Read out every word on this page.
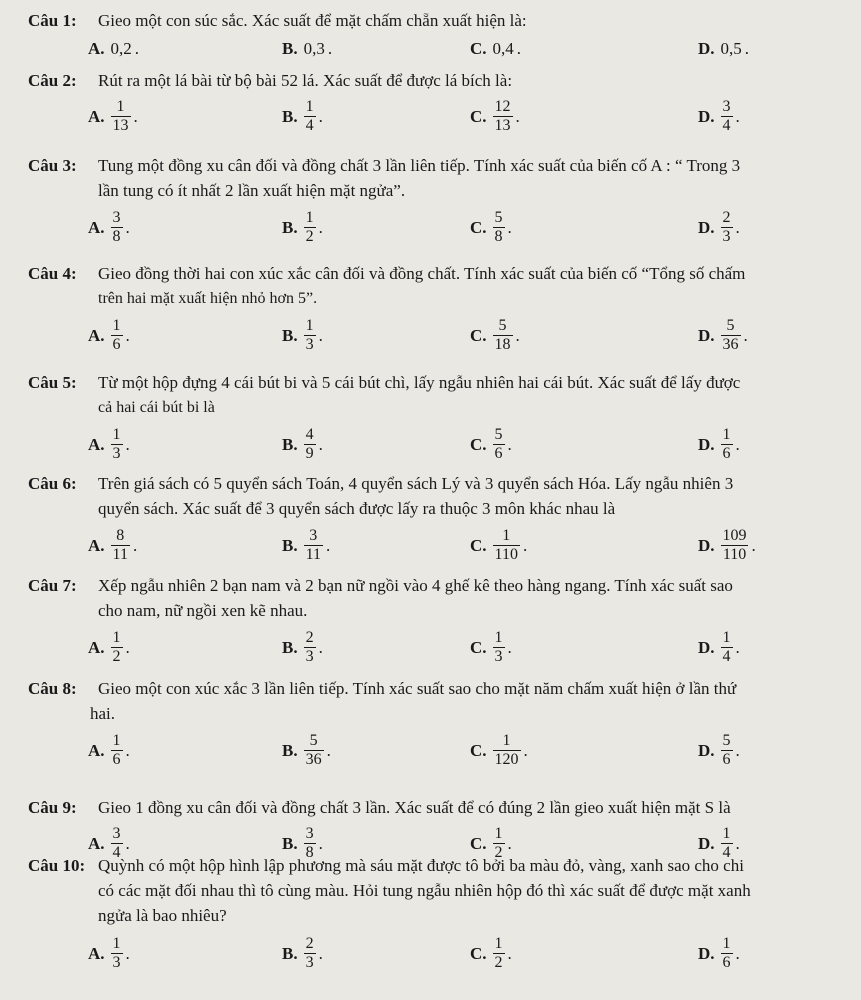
Câu 1: Gieo một con súc sắc. Xác suất để mặt chấm chẵn xuất hiện là:
A. 0,2 .	B. 0,3 .	C. 0,4 .	D. 0,5 .
Câu 2: Rút ra một lá bài từ bộ bài 52 lá. Xác suất để được lá bích là:
A. $\frac{1}{13}$ .	B. $\frac{1}{4}$ .	C. $\frac{12}{13}$ .	D. $\frac{3}{4}$ .
Câu 3: Tung một đồng xu cân đối và đồng chất 3 lần liên tiếp. Tính xác suất của biến cố A : “ Trong 3
lần tung có ít nhất 2 lần xuất hiện mặt ngửa”.
A. $\frac{3}{8}$ .	B. $\frac{1}{2}$ .	C. $\frac{5}{8}$ .	D. $\frac{2}{3}$ .
Câu 4: Gieo đồng thời hai con xúc xắc cân đối và đồng chất. Tính xác suất của biến cố “Tổng số chấm
trên hai mặt xuất hiện nhỏ hơn 5”.
A. $\frac{1}{6}$ .	B. $\frac{1}{3}$ .	C. $\frac{5}{18}$ .	D. $\frac{5}{36}$ .
Câu 5: Từ một hộp đựng 4 cái bút bi và 5 cái bút chì, lấy ngẫu nhiên hai cái bút. Xác suất để lấy được
cả hai cái bút bi là
A. $\frac{1}{3}$ .	B. $\frac{4}{9}$ .	C. $\frac{5}{6}$ .	D. $\frac{1}{6}$ .
Câu 6: Trên giá sách có 5 quyển sách Toán, 4 quyển sách Lý và 3 quyển sách Hóa. Lấy ngẫu nhiên 3
quyển sách. Xác suất để 3 quyển sách được lấy ra thuộc 3 môn khác nhau là
A. $\frac{8}{11}$ .	B. $\frac{3}{11}$ .	C. $\frac{1}{110}$ .	D. $\frac{109}{110}$ .
Câu 7: Xếp ngẫu nhiên 2 bạn nam và 2 bạn nữ ngồi vào 4 ghế kê theo hàng ngang. Tính xác suất sao
cho nam, nữ ngồi xen kẽ nhau.
A. $\frac{1}{2}$ .	B. $\frac{2}{3}$ .	C. $\frac{1}{3}$ .	D. $\frac{1}{4}$ .
Câu 8: Gieo một con xúc xắc 3 lần liên tiếp. Tính xác suất sao cho mặt năm chấm xuất hiện ở lần thứ
hai.
A. $\frac{1}{6}$ .	B. $\frac{5}{36}$ .	C. $\frac{1}{120}$ .	D. $\frac{5}{6}$ .
Câu 9: Gieo 1 đồng xu cân đối và đồng chất 3 lần. Xác suất để có đúng 2 lần gieo xuất hiện mặt S là
A. $\frac{3}{4}$ .	B. $\frac{3}{8}$ .	C. $\frac{1}{2}$ .	D. $\frac{1}{4}$ .
Câu 10: Quỳnh có một hộp hình lập phương mà sáu mặt được tô bởi ba màu đỏ, vàng, xanh sao cho chi
có các mặt đối nhau thì tô cùng màu. Hỏi tung ngẫu nhiên hộp đó thì xác suất để được mặt xanh
ngửa là bao nhiêu?
A. $\frac{1}{3}$ .	B. $\frac{2}{3}$ .	C. $\frac{1}{2}$ .	D. $\frac{1}{6}$ .
